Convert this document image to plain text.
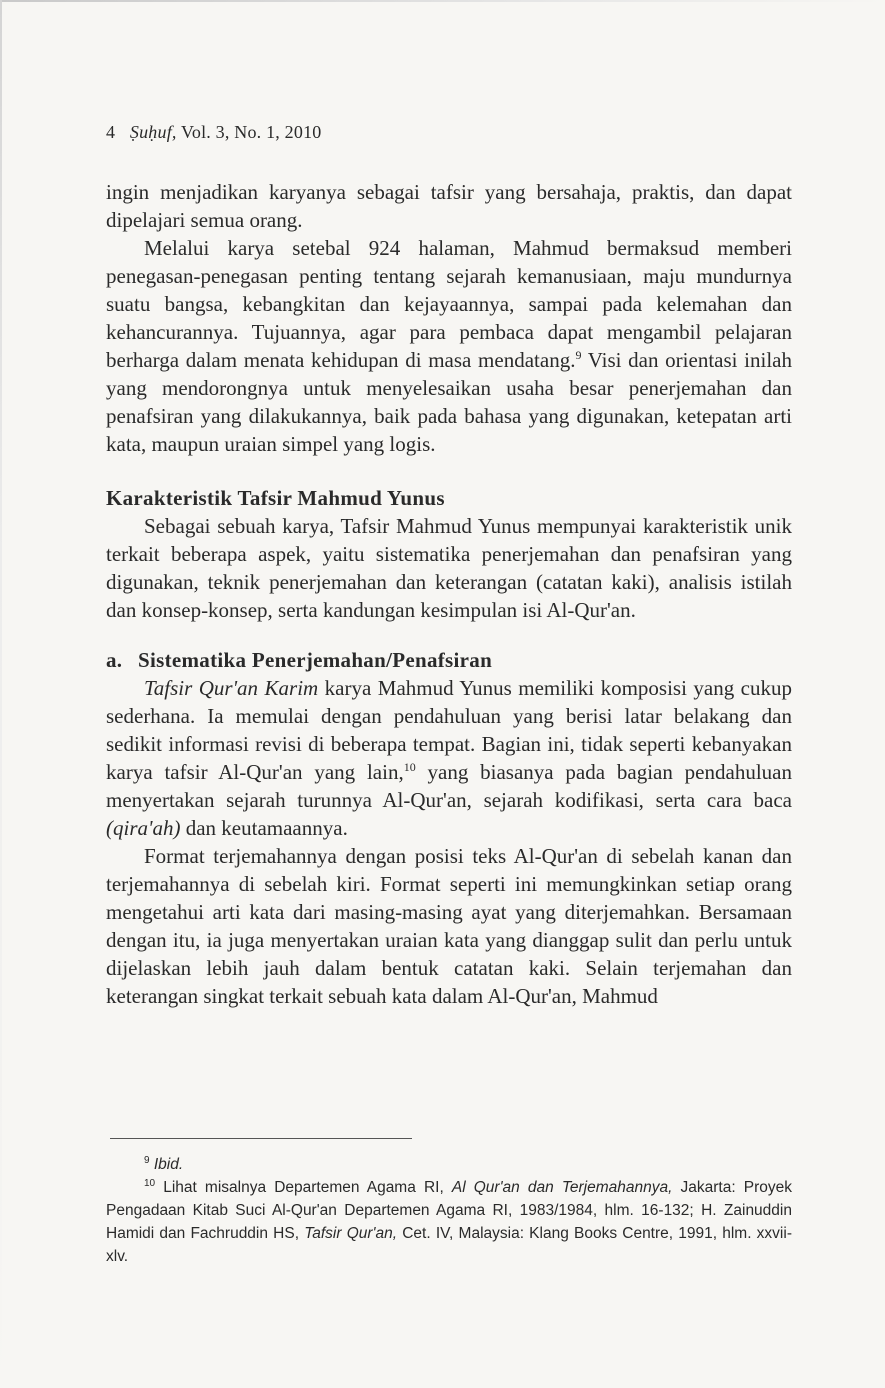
4 Ṣuḥuf, Vol. 3, No. 1, 2010

ingin menjadikan karyanya sebagai tafsir yang bersahaja, praktis, dan dapat dipelajari semua orang.

Melalui karya setebal 924 halaman, Mahmud bermaksud memberi penegasan-penegasan penting tentang sejarah kemanusiaan, maju mundurnya suatu bangsa, kebangkitan dan kejayaannya, sampai pada kelemahan dan kehancurannya. Tujuannya, agar para pembaca dapat mengambil pelajaran berharga dalam menata kehidupan di masa mendatang.$^9$ Visi dan orientasi inilah yang mendorongnya untuk menyelesaikan usaha besar penerjemahan dan penafsiran yang dilakukannya, baik pada bahasa yang digunakan, ketepatan arti kata, maupun uraian simpel yang logis.

Karakteristik Tafsir Mahmud Yunus

Sebagai sebuah karya, Tafsir Mahmud Yunus mempunyai karakteristik unik terkait beberapa aspek, yaitu sistematika penerjemahan dan penafsiran yang digunakan, teknik penerjemahan dan keterangan (catatan kaki), analisis istilah dan konsep-konsep, serta kandungan kesimpulan isi Al-Qur'an.

a. Sistematika Penerjemahan/Penafsiran

Tafsir Qur'an Karim karya Mahmud Yunus memiliki komposisi yang cukup sederhana. Ia memulai dengan pendahuluan yang berisi latar belakang dan sedikit informasi revisi di beberapa tempat. Bagian ini, tidak seperti kebanyakan karya tafsir Al-Qur'an yang lain,$^{10}$ yang biasanya pada bagian pendahuluan menyertakan sejarah turunnya Al-Qur'an, sejarah kodifikasi, serta cara baca (qira'ah) dan keutamaannya.

Format terjemahannya dengan posisi teks Al-Qur'an di sebelah kanan dan terjemahannya di sebelah kiri. Format seperti ini memungkinkan setiap orang mengetahui arti kata dari masing-masing ayat yang diterjemahkan. Bersamaan dengan itu, ia juga menyertakan uraian kata yang dianggap sulit dan perlu untuk dijelaskan lebih jauh dalam bentuk catatan kaki. Selain terjemahan dan keterangan singkat terkait sebuah kata dalam Al-Qur'an, Mahmud

$^9$ Ibid.

$^{10}$ Lihat misalnya Departemen Agama RI, Al Qur'an dan Terjemahannya, Jakarta: Proyek Pengadaan Kitab Suci Al-Qur'an Departemen Agama RI, 1983/1984, hlm. 16-132; H. Zainuddin Hamidi dan Fachruddin HS, Tafsir Qur'an, Cet. IV, Malaysia: Klang Books Centre, 1991, hlm. xxvii-xlv.
